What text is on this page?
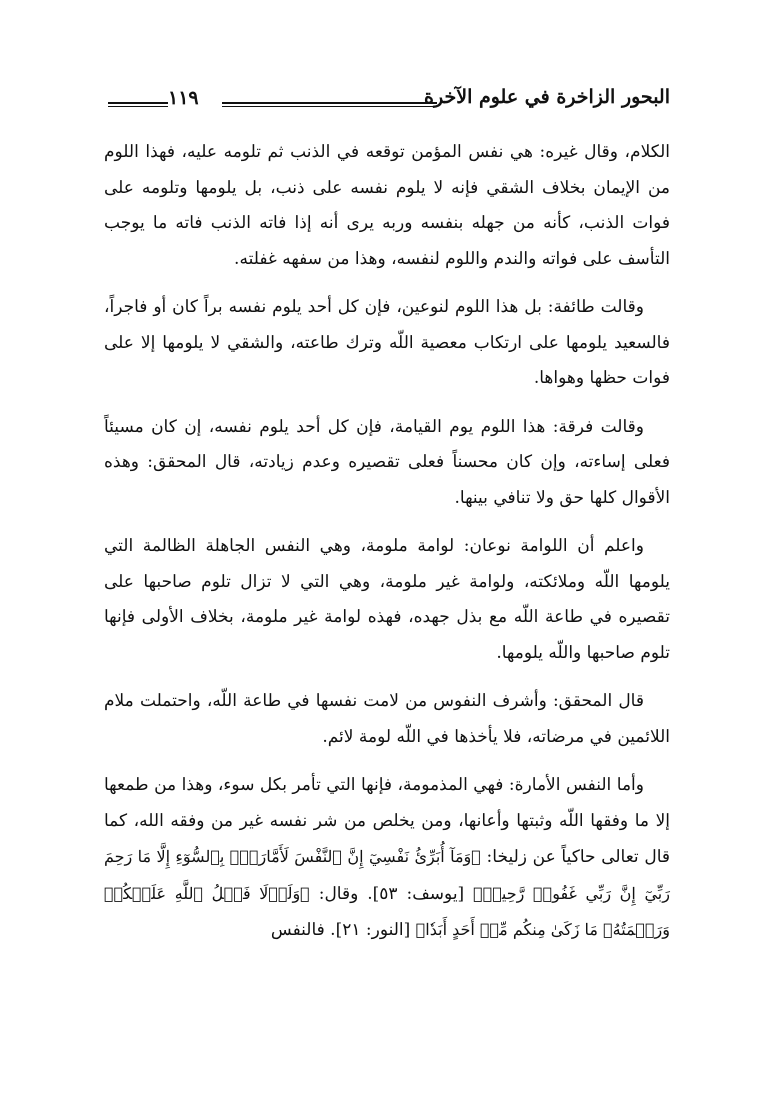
البحور الزاخرة في علوم الآخرة
١١٩

الكلام، وقال غيره: هي نفس المؤمن توقعه في الذنب ثم تلومه عليه، فهذا اللوم من الإيمان بخلاف الشقي فإنه لا يلوم نفسه على ذنب، بل يلومها وتلومه على فوات الذنب، كأنه من جهله بنفسه وربه يرى أنه إذا فاته الذنب فاته ما يوجب التأسف على فواته والندم واللوم لنفسه، وهذا من سفهه غفلته.

وقالت طائفة: بل هذا اللوم لنوعين، فإن كل أحد يلوم نفسه براً كان أو فاجراً، فالسعيد يلومها على ارتكاب معصية اللّه وترك طاعته، والشقي لا يلومها إلا على فوات حظها وهواها.

وقالت فرقة: هذا اللوم يوم القيامة، فإن كل أحد يلوم نفسه، إن كان مسيئاً فعلى إساءته، وإن كان محسناً فعلى تقصيره وعدم زيادته، قال المحقق: وهذه الأقوال كلها حق ولا تنافي بينها.

واعلم أن اللوامة نوعان: لوامة ملومة، وهي النفس الجاهلة الظالمة التي يلومها اللّه وملائكته، ولوامة غير ملومة، وهي التي لا تزال تلوم صاحبها على تقصيره في طاعة اللّه مع بذل جهده، فهذه لوامة غير ملومة، بخلاف الأولى فإنها تلوم صاحبها واللّه يلومها.

قال المحقق: وأشرف النفوس من لامت نفسها في طاعة اللّه، واحتملت ملام اللائمين في مرضاته، فلا يأخذها في اللّه لومة لائم.

وأما النفس الأمارة: فهي المذمومة، فإنها التي تأمر بكل سوء، وهذا من طمعها إلا ما وفقها اللّه وثبتها وأعانها، ومن يخلص من شر نفسه غير من وفقه الله، كما قال تعالى حاكياً عن زليخا: ﴿وَمَآ أُبَرِّئُ نَفْسِيٓ إِنَّ ٱلنَّفْسَ لَأَمَّارَةُۢ بِٱلسُّوٓءِ إِلَّا مَا رَحِمَ رَبِّيٓ إِنَّ رَبِّي غَفُورٞ رَّحِيمٞ﴾ [يوسف: ٥٣]. وقال: ﴿وَلَوۡلَا فَضۡلُ ٱللَّهِ عَلَيۡكُمۡ وَرَحۡمَتُهُۥ مَا زَكَىٰ مِنكُم مِّنۡ أَحَدٍ أَبَدٗا﴾ [النور: ٢١]. فالنفس
